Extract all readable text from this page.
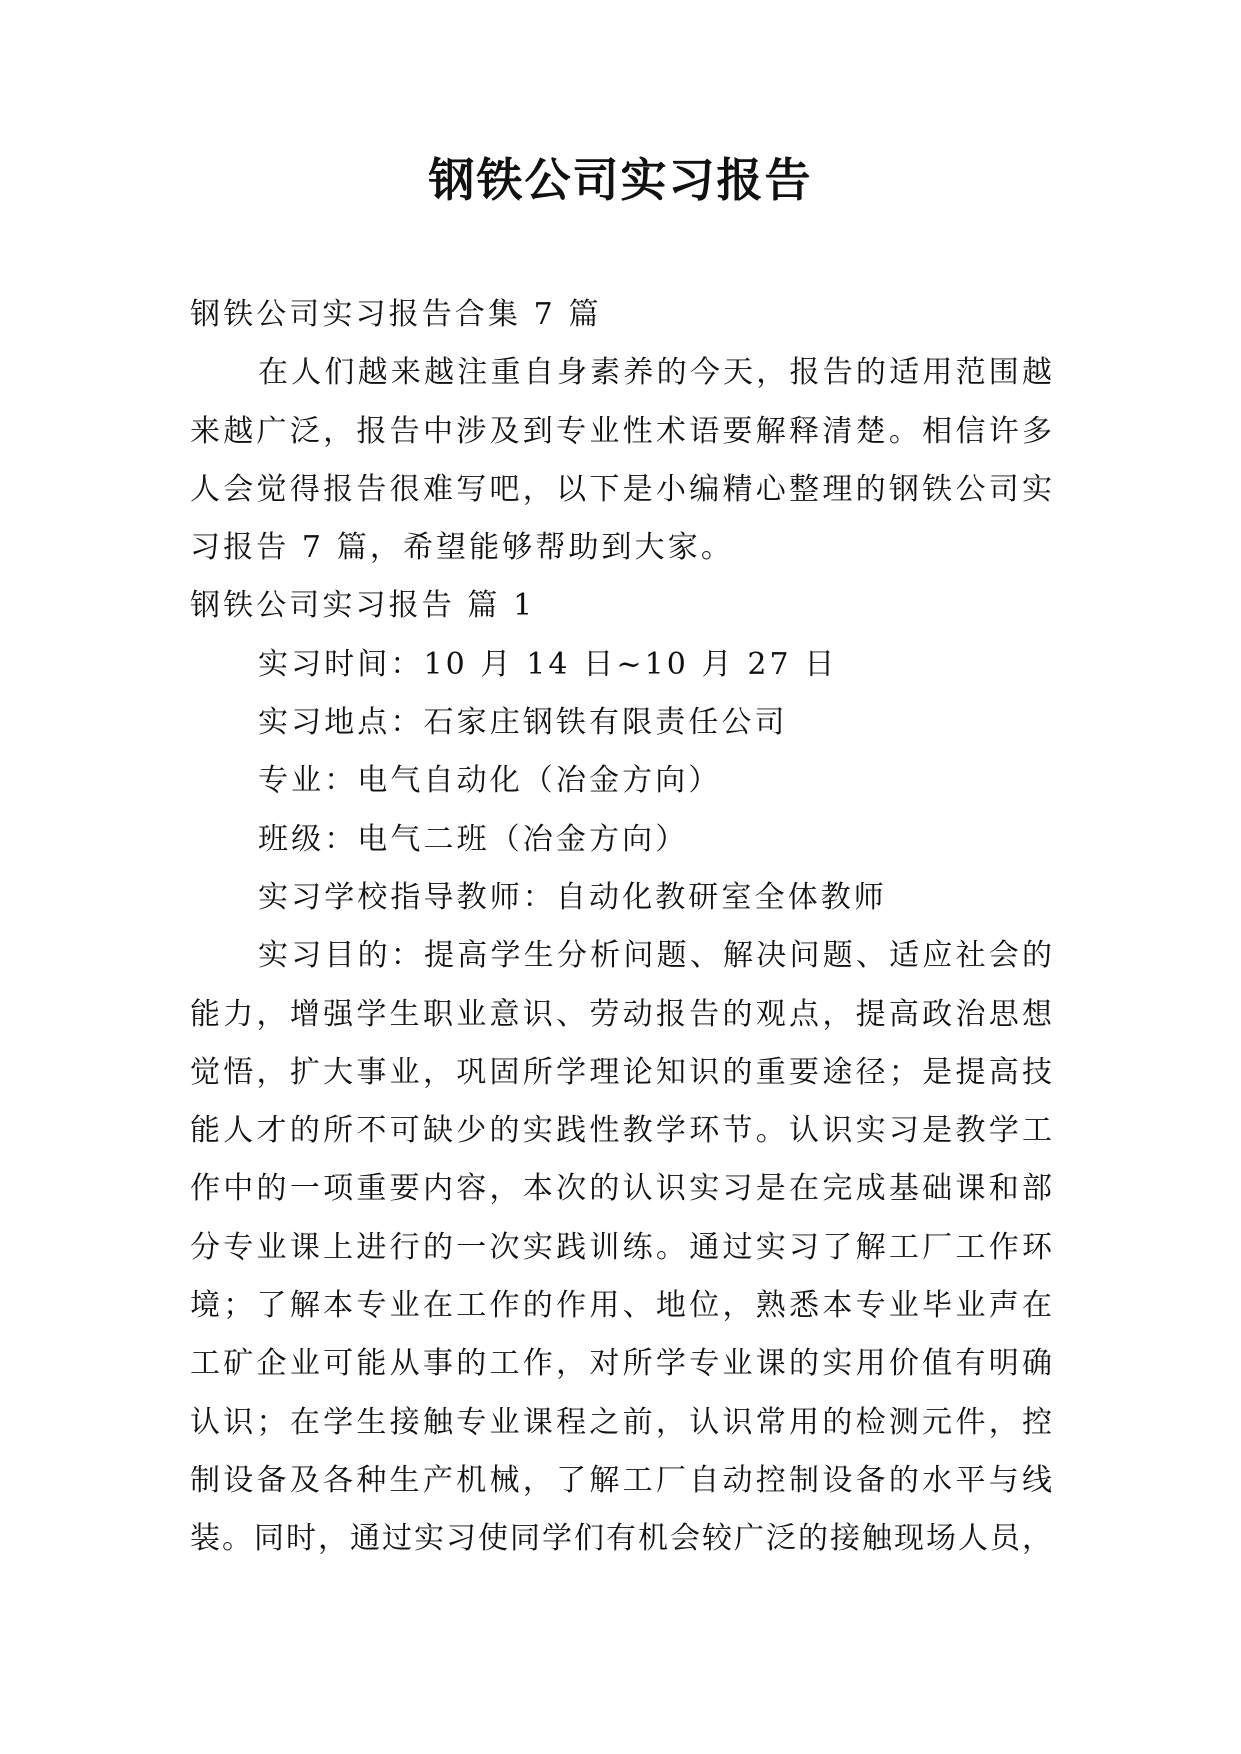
钢铁公司实习报告
钢铁公司实习报告合集 7 篇
在人们越来越注重自身素养的今天，报告的适用范围越
来越广泛，报告中涉及到专业性术语要解释清楚。相信许多
人会觉得报告很难写吧，以下是小编精心整理的钢铁公司实
习报告 7 篇，希望能够帮助到大家。
钢铁公司实习报告 篇 1
实习时间：10 月 14 日~10 月 27 日
实习地点：石家庄钢铁有限责任公司
专业：电气自动化（冶金方向）
班级：电气二班（冶金方向）
实习学校指导教师：自动化教研室全体教师
实习目的：提高学生分析问题、解决问题、适应社会的
能力，增强学生职业意识、劳动报告的观点，提高政治思想
觉悟，扩大事业，巩固所学理论知识的重要途径；是提高技
能人才的所不可缺少的实践性教学环节。认识实习是教学工
作中的一项重要内容，本次的认识实习是在完成基础课和部
分专业课上进行的一次实践训练。通过实习了解工厂工作环
境；了解本专业在工作的作用、地位，熟悉本专业毕业声在
工矿企业可能从事的工作，对所学专业课的实用价值有明确
认识；在学生接触专业课程之前，认识常用的检测元件，控
制设备及各种生产机械，了解工厂自动控制设备的水平与线
装。同时，通过实习使同学们有机会较广泛的接触现场人员，
